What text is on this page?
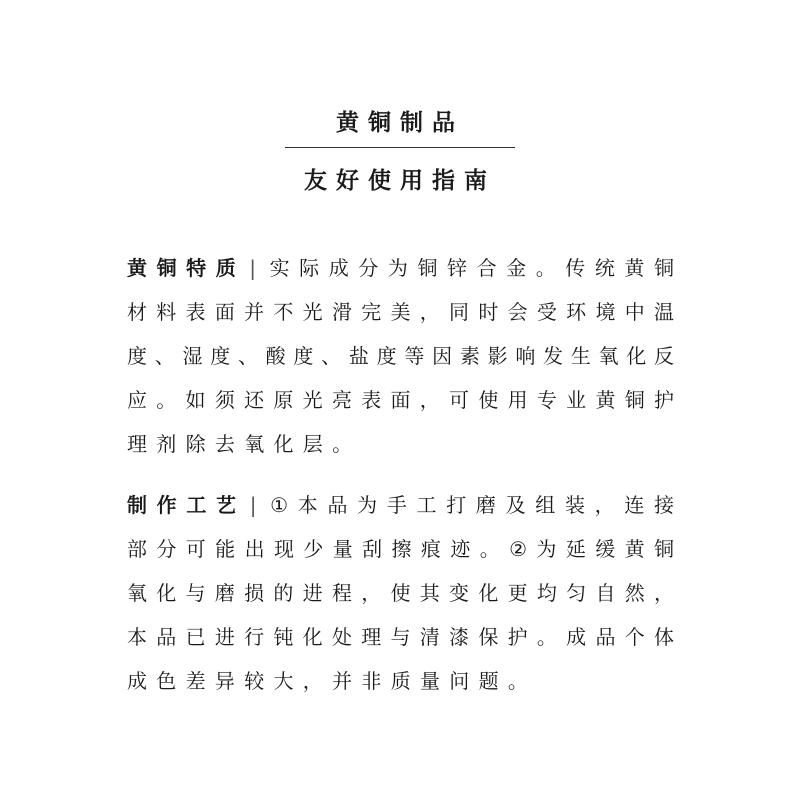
黄铜制品
友好使用指南
黄铜特质 | 实际成分为铜锌合金。传统黄铜
材料表面并不光滑完美，同时会受环境中温
度、湿度、酸度、盐度等因素影响发生氧化反
应。如须还原光亮表面，可使用专业黄铜护
理剂除去氧化层。
制作工艺 | ①本品为手工打磨及组装，连接
部分可能出现少量刮擦痕迹。②为延缓黄铜
氧化与磨损的进程，使其变化更均匀自然，
本品已进行钝化处理与清漆保护。成品个体
成色差异较大，并非质量问题。
